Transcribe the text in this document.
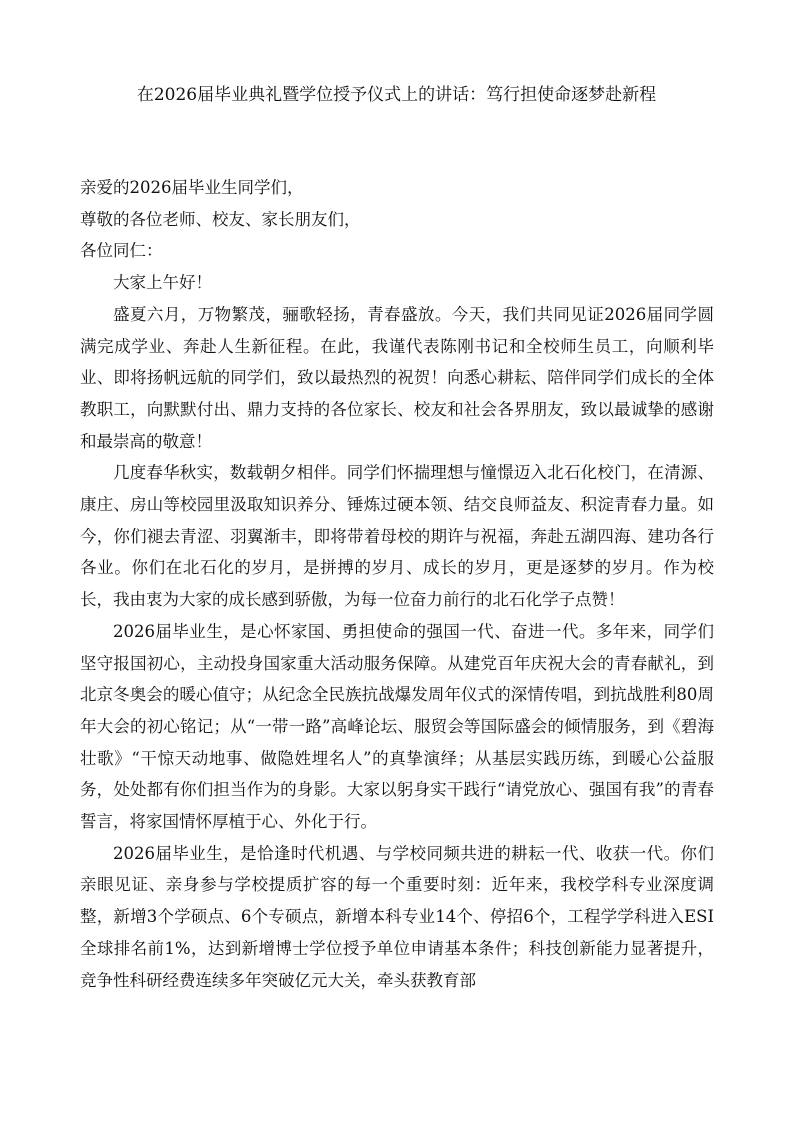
在2026届毕业典礼暨学位授予仪式上的讲话：笃行担使命逐梦赴新程

亲爱的2026届毕业生同学们，

尊敬的各位老师、校友、家长朋友们，

各位同仁：

大家上午好！

盛夏六月，万物繁茂，骊歌轻扬，青春盛放。今天，我们共同见证2026届同学圆满完成学业、奔赴人生新征程。在此，我谨代表陈刚书记和全校师生员工，向顺利毕业、即将扬帆远航的同学们，致以最热烈的祝贺！向悉心耕耘、陪伴同学们成长的全体教职工，向默默付出、鼎力支持的各位家长、校友和社会各界朋友，致以最诚挚的感谢和最崇高的敬意！

几度春华秋实，数载朝夕相伴。同学们怀揣理想与憧憬迈入北石化校门，在清源、康庄、房山等校园里汲取知识养分、锤炼过硬本领、结交良师益友、积淀青春力量。如今，你们褪去青涩、羽翼渐丰，即将带着母校的期许与祝福，奔赴五湖四海、建功各行各业。你们在北石化的岁月，是拼搏的岁月、成长的岁月，更是逐梦的岁月。作为校长，我由衷为大家的成长感到骄傲，为每一位奋力前行的北石化学子点赞！

2026届毕业生，是心怀家国、勇担使命的强国一代、奋进一代。多年来，同学们坚守报国初心，主动投身国家重大活动服务保障。从建党百年庆祝大会的青春献礼，到北京冬奥会的暖心值守；从纪念全民族抗战爆发周年仪式的深情传唱，到抗战胜利80周年大会的初心铭记；从“一带一路”高峰论坛、服贸会等国际盛会的倾情服务，到《碧海壮歌》“干惊天动地事、做隐姓埋名人”的真挚演绎；从基层实践历练，到暖心公益服务，处处都有你们担当作为的身影。大家以躬身实干践行“请党放心、强国有我”的青春誓言，将家国情怀厚植于心、外化于行。

2026届毕业生，是恰逢时代机遇、与学校同频共进的耕耘一代、收获一代。你们亲眼见证、亲身参与学校提质扩容的每一个重要时刻：近年来，我校学科专业深度调整，新增3个学硕点、6个专硕点，新增本科专业14个、停招6个，工程学学科进入ESI全球排名前1%，达到新增博士学位授予单位申请基本条件；科技创新能力显著提升，竞争性科研经费连续多年突破亿元大关，牵头获教育部
